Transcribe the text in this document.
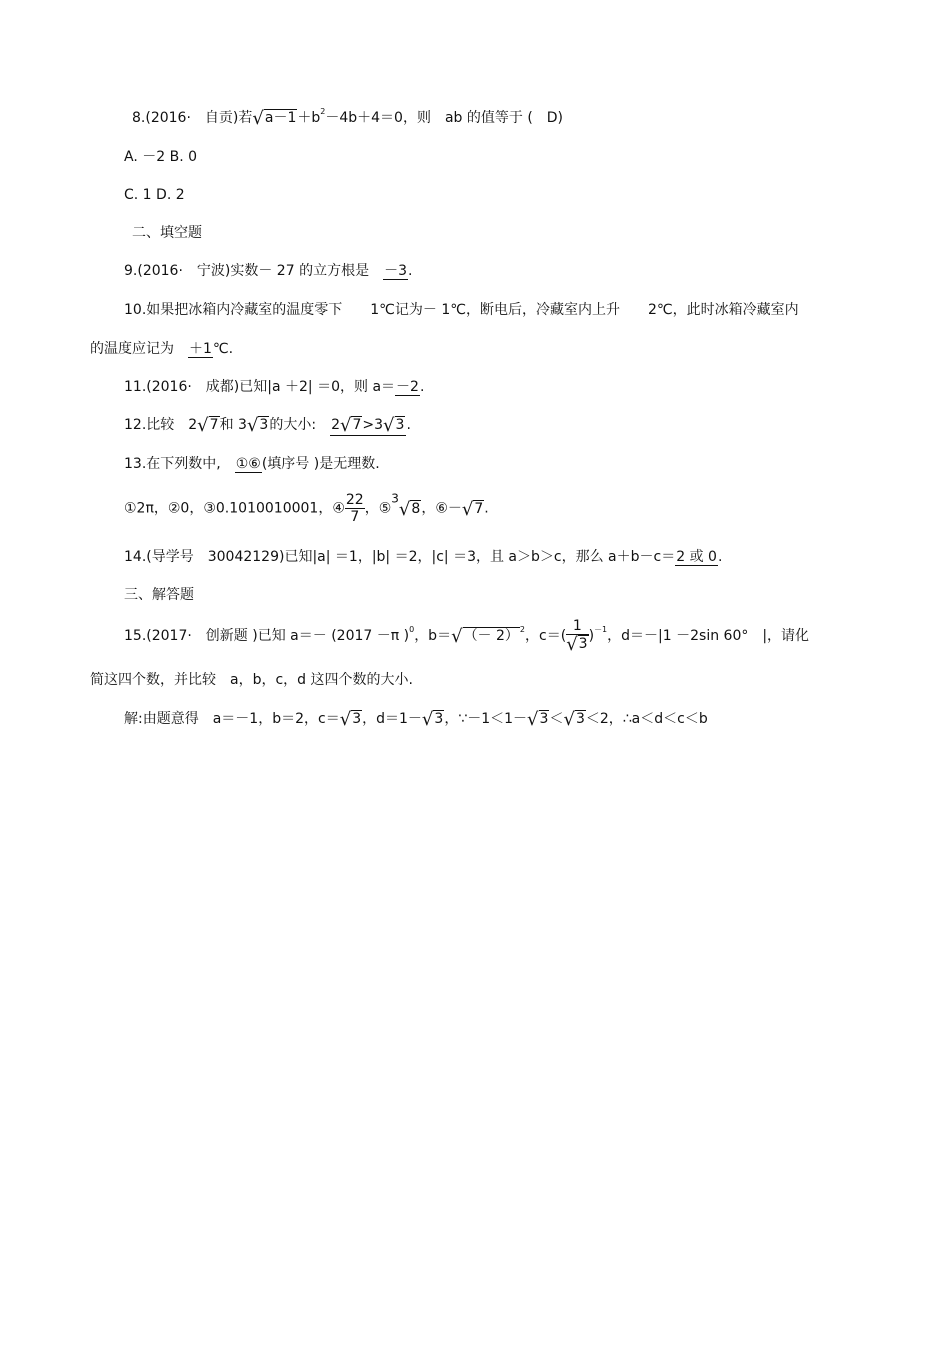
8.(2016·　自贡)若$√a-1+b^2-4b+4=0$，则　ab 的值等于 (　D)
A. －2 B. 0
C. 1 D. 2
二、填空题
9.(2016·　宁波)实数－ 27 的立方根是　－3.
10.如果把冰箱内冷藏室的温度零下　　1℃记为－ 1℃，断电后，冷藏室内上升　　2℃，此时冰箱冷藏室内
的温度应记为　＋1℃.
11.(2016·　成都)已知|a ＋2| ＝0，则 a＝－2.
12.比较　2√7和 3√3的大小:　2√7>3√3 .
13.在下列数中,　①⑥(填序号 )是无理数.
①2π，②0，③0.1010010001，④ $\frac{22}{7}$ ，⑤3√8，⑥－√7.
14.(导学号　30042129)已知|a| ＝1，|b| ＝2，|c| ＝3，且 a＞b＞c，那么 a＋b－c＝2 或 0.
三、解答题
15.(2017·　创新题 )已知 a＝－ (2017 －π )$^0$，$b=√(- 2)^2$，$c=( \frac{1}{√3} )^{-1}$，d＝－|1 －2sin 60°　|，请化
简这四个数，并比较　a，b，c，d 这四个数的大小.
解:由题意得　a＝－1，b＝2，c＝√3，d＝1－√3，∵－1＜1－√3＜√3＜2，∴a＜d＜c＜b
